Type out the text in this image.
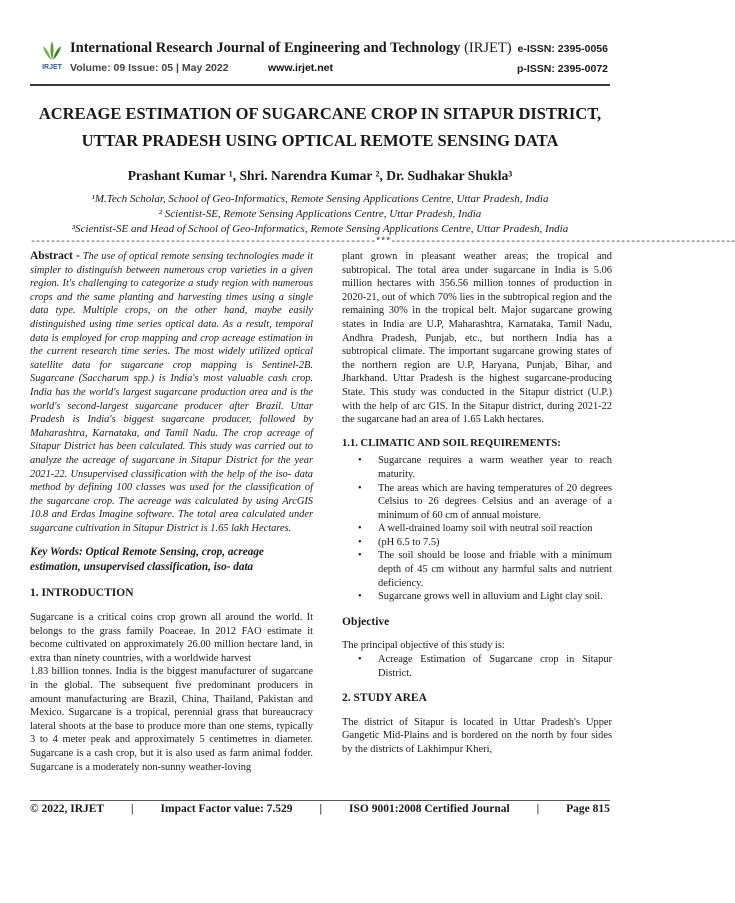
IRJET
International Research Journal of Engineering and Technology (IRJET)
Volume: 09 Issue: 05 | May 2022	www.irjet.net
e-ISSN: 2395-0056
p-ISSN: 2395-0072
ACREAGE ESTIMATION OF SUGARCANE CROP IN SITAPUR DISTRICT,
UTTAR PRADESH USING OPTICAL REMOTE SENSING DATA
Prashant Kumar ¹, Shri. Narendra Kumar ², Dr. Sudhakar Shukla³
¹M.Tech Scholar, School of Geo-Informatics, Remote Sensing Applications Centre, Uttar Pradesh, India
² Scientist-SE, Remote Sensing Applications Centre, Uttar Pradesh, India
³Scientist-SE and Head of School of Geo-Informatics, Remote Sensing Applications Centre, Uttar Pradesh, India
---------------------------------------------------------------------***---------------------------------------------------------------------

Abstract - The use of optical remote sensing technologies made it simpler to distinguish between numerous crop varieties in a given region. It's challenging to categorize a study region with numerous crops and the same planting and harvesting times using a single data type. Multiple crops, on the other hand, maybe easily distinguished using time series optical data. As a result, temporal data is employed for crop mapping and crop acreage estimation in the current research time series. The most widely utilized optical satellite data for sugarcane crop mapping is Sentinel-2B. Sugarcane (Saccharum spp.) is India's most valuable cash crop. India has the world's largest sugarcane production area and is the world's second-largest sugarcane producer after Brazil. Uttar Pradesh is India's biggest sugarcane producer, followed by Maharashtra, Karnataka, and Tamil Nadu. The crop acreage of Sitapur District has been calculated. This study was carried out to analyze the acreage of sugarcane in Sitapur District for the year 2021-22. Unsupervised classification with the help of the iso- data method by defining 100 classes was used for the classification of the sugarcane crop. The acreage was calculated by using ArcGIS 10.8 and Erdas Imagine software. The total area calculated under sugarcane cultivation in Sitapur District is 1.65 lakh Hectares.

Key Words: Optical Remote Sensing, crop, acreage estimation, unsupervised classification, iso- data

1. INTRODUCTION

Sugarcane is a critical coins crop grown all around the world. It belongs to the grass family Poaceae. In 2012 FAO estimate it become cultivated on approximately 26.00 million hectare land, in extra than ninety countries, with a worldwide harvest

1.83 billion tonnes. India is the biggest manufacturer of sugarcane in the global. The subsequent five predominant producers in amount manufacturing are Brazil, China, Thailand, Pakistan and Mexico. Sugarcane is a tropical, perennial grass that bureaucracy lateral shoots at the base to produce more than one stems, typically 3 to 4 meter peak and approximately 5 centimetres in diameter. Sugarcane is a cash crop, but it is also used as farm animal fodder. Sugarcane is a moderately non-sunny weather-loving

plant grown in pleasant weather areas; the tropical and subtropical. The total area under sugarcane in India is 5.06 million hectares with 356.56 million tonnes of production in 2020-21, out of which 70% lies in the subtropical region and the remaining 30% in the tropical belt. Major sugarcane growing states in India are U.P, Maharashtra, Karnataka, Tamil Nadu, Andhra Pradesh, Punjab, etc., but northern India has a subtropical climate. The important sugarcane growing states of the northern region are U.P, Haryana, Punjab, Bihar, and Jharkhand. Uttar Pradesh is the highest sugarcane-producing State. This study was conducted in the Sitapur district (U.P.) with the help of arc GIS. In the Sitapur district, during 2021-22 the sugarcane had an area of 1.65 Lakh hectares.

1.1. CLIMATIC AND SOIL REQUIREMENTS:

• Sugarcane requires a warm weather year to reach maturity.
• The areas which are having temperatures of 20 degrees Celsius to 26 degrees Celsius and an average of a minimum of 60 cm of annual moisture.
• A well-drained loamy soil with neutral soil reaction
• (pH 6.5 to 7.5)
• The soil should be loose and friable with a minimum depth of 45 cm without any harmful salts and nutrient deficiency.
• Sugarcane grows well in alluvium and Light clay soil.

Objective

The principal objective of this study is:

• Acreage Estimation of Sugarcane crop in Sitapur District.

2. STUDY AREA

The district of Sitapur is located in Uttar Pradesh's Upper Gangetic Mid-Plains and is bordered on the north by four sides by the districts of Lakhimpur Kheri,

© 2022, IRJET | Impact Factor value: 7.529 | ISO 9001:2008 Certified Journal | Page 815
